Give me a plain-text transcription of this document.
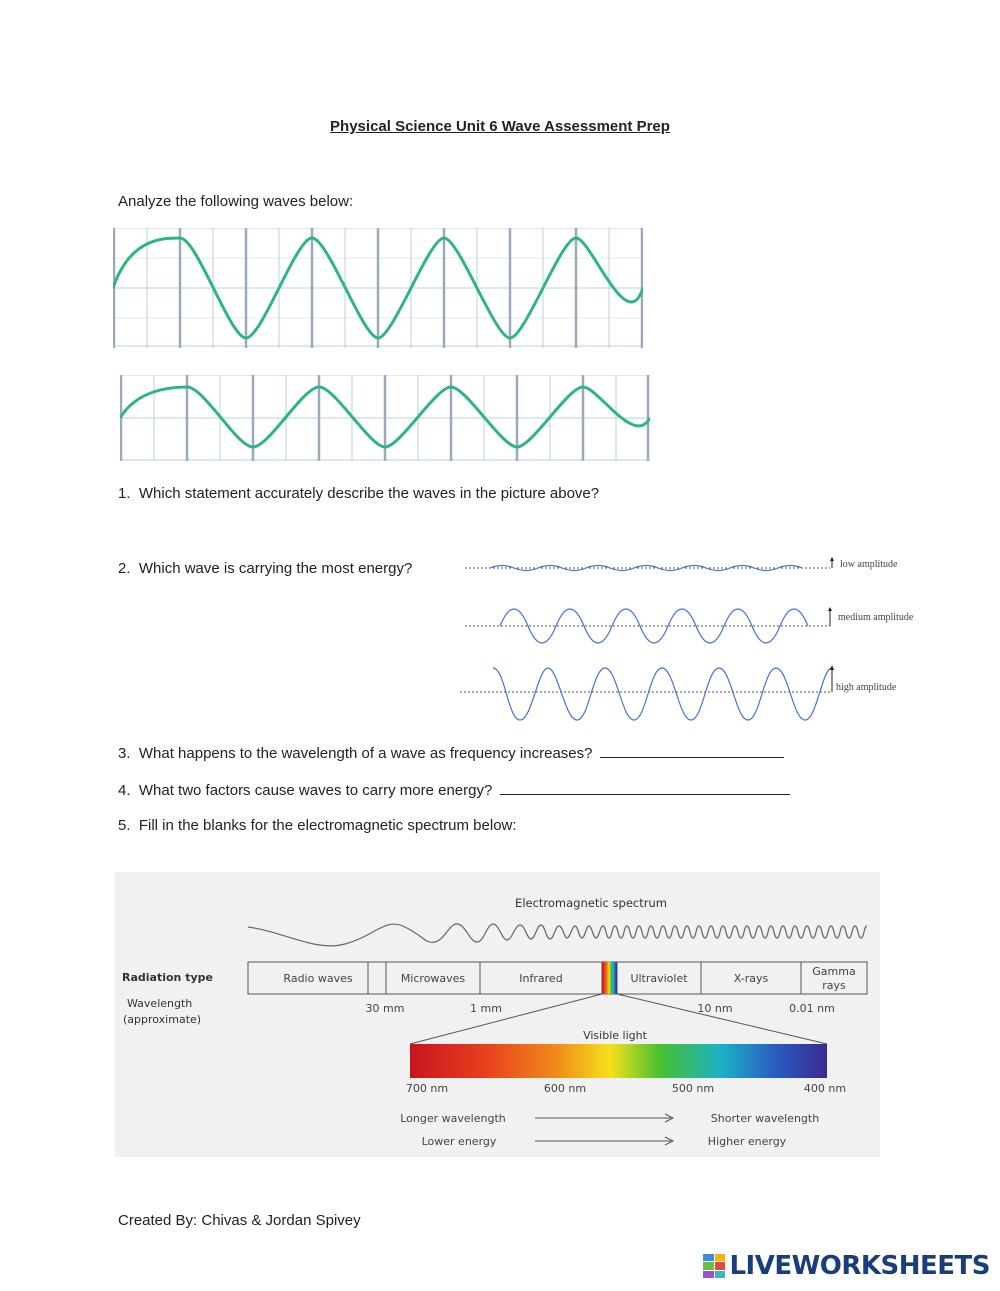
Physical Science Unit 6 Wave Assessment Prep
Analyze the following waves below:
1. Which statement accurately describe the waves in the picture above?
2. Which wave is carrying the most energy?	low amplitude
medium amplitude
high amplitude
3. What happens to the wavelength of a wave as frequency increases?
4. What two factors cause waves to carry more energy?
5. Fill in the blanks for the electromagnetic spectrum below:
Electromagnetic spectrum
Radiation type
Wavelength
(approximate)
Radio waves	Microwaves	Infrared	Ultraviolet	X-rays
Gamma
rays
30 mm	1 mm	10 nm	0.01 nm
Visible light
700 nm	600 nm	500 nm	400 nm
Longer wavelength	Shorter wavelength
Lower energy	Higher energy
Created By: Chivas & Jordan Spivey
LIVEWORKSHEETS
